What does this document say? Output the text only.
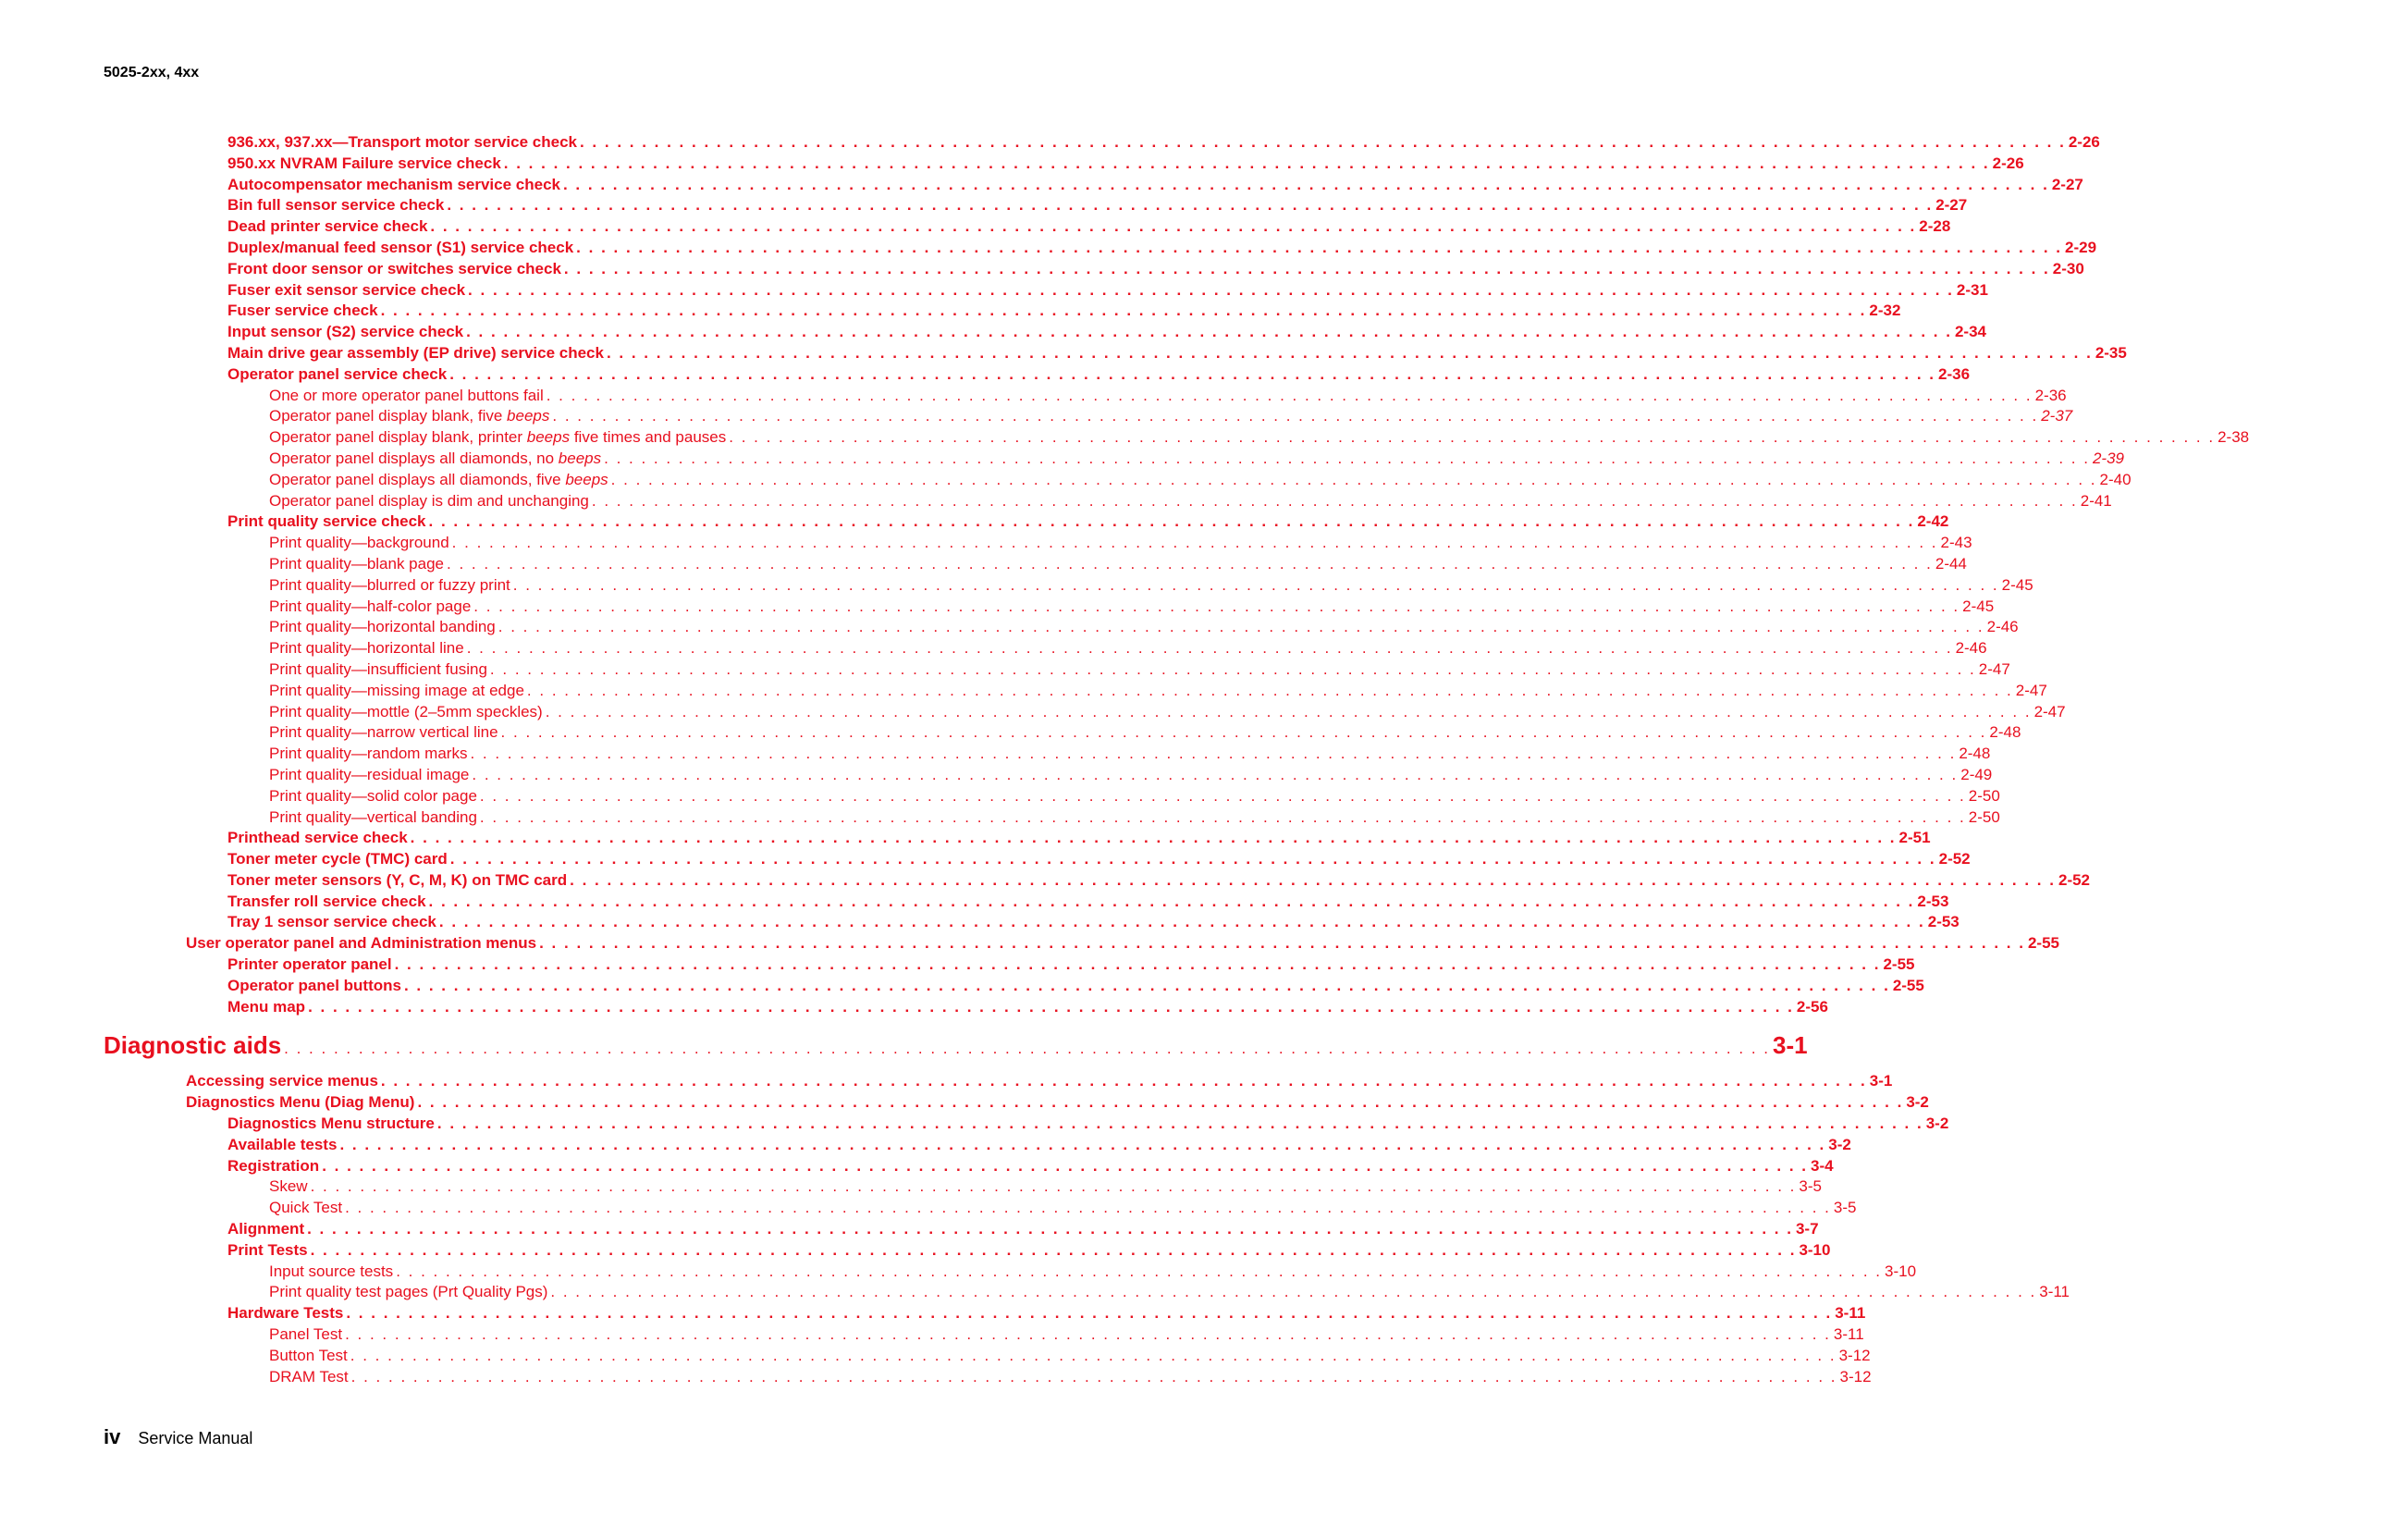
5025-2xx, 4xx
936.xx, 937.xx—Transport motor service check . . . . . . . . . . . . . . . . . . . . . . . . . . . . . . . . . . . . . . . . . . . . . . . . . . . . . . . . . . . . . . . . . . . . . . . . . . . . . . . . . . . . . . . . . . . . . . . . . . . . . . . . . . . . . . . . . . . . . . . . 2-26
950.xx NVRAM Failure service check . . . . . . . . . . . . . . . . . . . . . . . . . . . . . . . . . . . . . . . . . . . . . . . . . . . . . . . . . . . . . . . . . . . . . . . . . . . . . . . . . . . . . . . . . . . . . . . . . . . . . . . . . . . . . . . . . . . . . . . . 2-26
Autocompensator mechanism service check . . . . . . . . . . . . . . . . . . . . . . . . . . . . . . . . . . . . . . . . . . . . . . . . . . . . . . . . . . . . . . . . . . . . . . . . . . . . . . . . . . . . . . . . . . . . . . . . . . . . . . . . . . . . . . . . . . . . . . . . 2-27
Bin full sensor service check . . . . . . . . . . . . . . . . . . . . . . . . . . . . . . . . . . . . . . . . . . . . . . . . . . . . . . . . . . . . . . . . . . . . . . . . . . . . . . . . . . . . . . . . . . . . . . . . . . . . . . . . . . . . . . . . . . . . . . . . 2-27
Dead printer service check . . . . . . . . . . . . . . . . . . . . . . . . . . . . . . . . . . . . . . . . . . . . . . . . . . . . . . . . . . . . . . . . . . . . . . . . . . . . . . . . . . . . . . . . . . . . . . . . . . . . . . . . . . . . . . . . . . . . . . . . 2-28
Duplex/manual feed sensor (S1) service check . . . . . . . . . . . . . . . . . . . . . . . . . . . . . . . . . . . . . . . . . . . . . . . . . . . . . . . . . . . . . . . . . . . . . . . . . . . . . . . . . . . . . . . . . . . . . . . . . . . . . . . . . . . . . . . . . . . . . . . . 2-29
Front door sensor or switches service check . . . . . . . . . . . . . . . . . . . . . . . . . . . . . . . . . . . . . . . . . . . . . . . . . . . . . . . . . . . . . . . . . . . . . . . . . . . . . . . . . . . . . . . . . . . . . . . . . . . . . . . . . . . . . . . . . . . . . . . . 2-30
Fuser exit sensor service check . . . . . . . . . . . . . . . . . . . . . . . . . . . . . . . . . . . . . . . . . . . . . . . . . . . . . . . . . . . . . . . . . . . . . . . . . . . . . . . . . . . . . . . . . . . . . . . . . . . . . . . . . . . . . . . . . . . . . . . . 2-31
Fuser service check . . . . . . . . . . . . . . . . . . . . . . . . . . . . . . . . . . . . . . . . . . . . . . . . . . . . . . . . . . . . . . . . . . . . . . . . . . . . . . . . . . . . . . . . . . . . . . . . . . . . . . . . . . . . . . . . . . . . . . . . 2-32
Input sensor (S2) service check . . . . . . . . . . . . . . . . . . . . . . . . . . . . . . . . . . . . . . . . . . . . . . . . . . . . . . . . . . . . . . . . . . . . . . . . . . . . . . . . . . . . . . . . . . . . . . . . . . . . . . . . . . . . . . . . . . . . . . . . 2-34
Main drive gear assembly (EP drive) service check . . . . . . . . . . . . . . . . . . . . . . . . . . . . . . . . . . . . . . . . . . . . . . . . . . . . . . . . . . . . . . . . . . . . . . . . . . . . . . . . . . . . . . . . . . . . . . . . . . . . . . . . . . . . . . . . . . . . . . . . 2-35
Operator panel service check . . . . . . . . . . . . . . . . . . . . . . . . . . . . . . . . . . . . . . . . . . . . . . . . . . . . . . . . . . . . . . . . . . . . . . . . . . . . . . . . . . . . . . . . . . . . . . . . . . . . . . . . . . . . . . . . . . . . . . . . 2-36
One or more operator panel buttons fail . . . . . . . . . . . . . . . . . . . . . . . . . . . . . . . . . . . . . . . . . . . . . . . . . . . . . . . . . . . . . . . . . . . . . . . . . . . . . . . . . . . . . . . . . . . . . . . . . . . . . . . . . . . . . . . . . . . . . . . . 2-36
Operator panel display blank, five beeps . . . . . . . . . . . . . . . . . . . . . . . . . . . . . . . . . . . . . . . . . . . . . . . . . . . . . . . . . . . . . . . . . . . . . . . . . . . . . . . . . . . . . . . . . . . . . . . . . . . . . . . . . . . . . . . . . . . . . . . . 2-37
Operator panel display blank, printer beeps five times and pauses . . . . . . . . . . . . . . . . . . . . . . . . . . . . . . . . . . . . . . . . . . . . . . . . . . . . . . . . . . . . . . . . . . . . . . . . . . . . . . . . . . . . . . . . . . . . . . . . . . . . . . . . . . . . . . . . . . . . . . . . 2-38
Operator panel displays all diamonds, no beeps . . . . . . . . . . . . . . . . . . . . . . . . . . . . . . . . . . . . . . . . . . . . . . . . . . . . . . . . . . . . . . . . . . . . . . . . . . . . . . . . . . . . . . . . . . . . . . . . . . . . . . . . . . . . . . . . . . . . . . . . 2-39
Operator panel displays all diamonds, five beeps . . . . . . . . . . . . . . . . . . . . . . . . . . . . . . . . . . . . . . . . . . . . . . . . . . . . . . . . . . . . . . . . . . . . . . . . . . . . . . . . . . . . . . . . . . . . . . . . . . . . . . . . . . . . . . . . . . . . . . . . 2-40
Operator panel display is dim and unchanging . . . . . . . . . . . . . . . . . . . . . . . . . . . . . . . . . . . . . . . . . . . . . . . . . . . . . . . . . . . . . . . . . . . . . . . . . . . . . . . . . . . . . . . . . . . . . . . . . . . . . . . . . . . . . . . . . . . . . . . . 2-41
Print quality service check . . . . . . . . . . . . . . . . . . . . . . . . . . . . . . . . . . . . . . . . . . . . . . . . . . . . . . . . . . . . . . . . . . . . . . . . . . . . . . . . . . . . . . . . . . . . . . . . . . . . . . . . . . . . . . . . . . . . . . . . 2-42
Print quality—background . . . . . . . . . . . . . . . . . . . . . . . . . . . . . . . . . . . . . . . . . . . . . . . . . . . . . . . . . . . . . . . . . . . . . . . . . . . . . . . . . . . . . . . . . . . . . . . . . . . . . . . . . . . . . . . . . . . . . . . . 2-43
Print quality—blank page . . . . . . . . . . . . . . . . . . . . . . . . . . . . . . . . . . . . . . . . . . . . . . . . . . . . . . . . . . . . . . . . . . . . . . . . . . . . . . . . . . . . . . . . . . . . . . . . . . . . . . . . . . . . . . . . . . . . . . . . 2-44
Print quality—blurred or fuzzy print . . . . . . . . . . . . . . . . . . . . . . . . . . . . . . . . . . . . . . . . . . . . . . . . . . . . . . . . . . . . . . . . . . . . . . . . . . . . . . . . . . . . . . . . . . . . . . . . . . . . . . . . . . . . . . . . . . . . . . . . 2-45
Print quality—half-color page . . . . . . . . . . . . . . . . . . . . . . . . . . . . . . . . . . . . . . . . . . . . . . . . . . . . . . . . . . . . . . . . . . . . . . . . . . . . . . . . . . . . . . . . . . . . . . . . . . . . . . . . . . . . . . . . . . . . . . . . 2-45
Print quality—horizontal banding . . . . . . . . . . . . . . . . . . . . . . . . . . . . . . . . . . . . . . . . . . . . . . . . . . . . . . . . . . . . . . . . . . . . . . . . . . . . . . . . . . . . . . . . . . . . . . . . . . . . . . . . . . . . . . . . . . . . . . . . 2-46
Print quality—horizontal line . . . . . . . . . . . . . . . . . . . . . . . . . . . . . . . . . . . . . . . . . . . . . . . . . . . . . . . . . . . . . . . . . . . . . . . . . . . . . . . . . . . . . . . . . . . . . . . . . . . . . . . . . . . . . . . . . . . . . . . . 2-46
Print quality—insufficient fusing . . . . . . . . . . . . . . . . . . . . . . . . . . . . . . . . . . . . . . . . . . . . . . . . . . . . . . . . . . . . . . . . . . . . . . . . . . . . . . . . . . . . . . . . . . . . . . . . . . . . . . . . . . . . . . . . . . . . . . . . 2-47
Print quality—missing image at edge . . . . . . . . . . . . . . . . . . . . . . . . . . . . . . . . . . . . . . . . . . . . . . . . . . . . . . . . . . . . . . . . . . . . . . . . . . . . . . . . . . . . . . . . . . . . . . . . . . . . . . . . . . . . . . . . . . . . . . . . 2-47
Print quality—mottle (2–5mm speckles) . . . . . . . . . . . . . . . . . . . . . . . . . . . . . . . . . . . . . . . . . . . . . . . . . . . . . . . . . . . . . . . . . . . . . . . . . . . . . . . . . . . . . . . . . . . . . . . . . . . . . . . . . . . . . . . . . . . . . . . . 2-47
Print quality—narrow vertical line . . . . . . . . . . . . . . . . . . . . . . . . . . . . . . . . . . . . . . . . . . . . . . . . . . . . . . . . . . . . . . . . . . . . . . . . . . . . . . . . . . . . . . . . . . . . . . . . . . . . . . . . . . . . . . . . . . . . . . . . 2-48
Print quality—random marks . . . . . . . . . . . . . . . . . . . . . . . . . . . . . . . . . . . . . . . . . . . . . . . . . . . . . . . . . . . . . . . . . . . . . . . . . . . . . . . . . . . . . . . . . . . . . . . . . . . . . . . . . . . . . . . . . . . . . . . . 2-48
Print quality—residual image . . . . . . . . . . . . . . . . . . . . . . . . . . . . . . . . . . . . . . . . . . . . . . . . . . . . . . . . . . . . . . . . . . . . . . . . . . . . . . . . . . . . . . . . . . . . . . . . . . . . . . . . . . . . . . . . . . . . . . . . 2-49
Print quality—solid color page . . . . . . . . . . . . . . . . . . . . . . . . . . . . . . . . . . . . . . . . . . . . . . . . . . . . . . . . . . . . . . . . . . . . . . . . . . . . . . . . . . . . . . . . . . . . . . . . . . . . . . . . . . . . . . . . . . . . . . . . 2-50
Print quality—vertical banding . . . . . . . . . . . . . . . . . . . . . . . . . . . . . . . . . . . . . . . . . . . . . . . . . . . . . . . . . . . . . . . . . . . . . . . . . . . . . . . . . . . . . . . . . . . . . . . . . . . . . . . . . . . . . . . . . . . . . . . . 2-50
Printhead service check . . . . . . . . . . . . . . . . . . . . . . . . . . . . . . . . . . . . . . . . . . . . . . . . . . . . . . . . . . . . . . . . . . . . . . . . . . . . . . . . . . . . . . . . . . . . . . . . . . . . . . . . . . . . . . . . . . . . . . . . 2-51
Toner meter cycle (TMC) card . . . . . . . . . . . . . . . . . . . . . . . . . . . . . . . . . . . . . . . . . . . . . . . . . . . . . . . . . . . . . . . . . . . . . . . . . . . . . . . . . . . . . . . . . . . . . . . . . . . . . . . . . . . . . . . . . . . . . . . . 2-52
Toner meter sensors (Y, C, M, K) on TMC card . . . . . . . . . . . . . . . . . . . . . . . . . . . . . . . . . . . . . . . . . . . . . . . . . . . . . . . . . . . . . . . . . . . . . . . . . . . . . . . . . . . . . . . . . . . . . . . . . . . . . . . . . . . . . . . . . . . . . . . . 2-52
Transfer roll service check . . . . . . . . . . . . . . . . . . . . . . . . . . . . . . . . . . . . . . . . . . . . . . . . . . . . . . . . . . . . . . . . . . . . . . . . . . . . . . . . . . . . . . . . . . . . . . . . . . . . . . . . . . . . . . . . . . . . . . . . 2-53
Tray 1 sensor service check . . . . . . . . . . . . . . . . . . . . . . . . . . . . . . . . . . . . . . . . . . . . . . . . . . . . . . . . . . . . . . . . . . . . . . . . . . . . . . . . . . . . . . . . . . . . . . . . . . . . . . . . . . . . . . . . . . . . . . . . 2-53
User operator panel and Administration menus . . . . . . . . . . . . . . . . . . . . . . . . . . . . . . . . . . . . . . . . . . . . . . . . . . . . . . . . . . . . . . . . . . . . . . . . . . . . . . . . . . . . . . . . . . . . . . . . . . . . . . . . . . . . . . . . . . . . . . . . 2-55
Printer operator panel . . . . . . . . . . . . . . . . . . . . . . . . . . . . . . . . . . . . . . . . . . . . . . . . . . . . . . . . . . . . . . . . . . . . . . . . . . . . . . . . . . . . . . . . . . . . . . . . . . . . . . . . . . . . . . . . . . . . . . . . 2-55
Operator panel buttons . . . . . . . . . . . . . . . . . . . . . . . . . . . . . . . . . . . . . . . . . . . . . . . . . . . . . . . . . . . . . . . . . . . . . . . . . . . . . . . . . . . . . . . . . . . . . . . . . . . . . . . . . . . . . . . . . . . . . . . . 2-55
Menu map . . . . . . . . . . . . . . . . . . . . . . . . . . . . . . . . . . . . . . . . . . . . . . . . . . . . . . . . . . . . . . . . . . . . . . . . . . . . . . . . . . . . . . . . . . . . . . . . . . . . . . . . . . . . . . . . . . . . . . . . 2-56
Diagnostic aids . . . . . . . . . . . . . . . . . . . . . . . . . . . . . . . . . . . . . . . . . . . . . . . . . . . . . . . . . . . . . . . . . . . . . . . . . . . . . . . . . . . . . . . . . . . . . . . . . . . . . . . . . . . . . . . . . . . . . . . . 3-1
Accessing service menus . . . . . . . . . . . . . . . . . . . . . . . . . . . . . . . . . . . . . . . . . . . . . . . . . . . . . . . . . . . . . . . . . . . . . . . . . . . . . . . . . . . . . . . . . . . . . . . . . . . . . . . . . . . . . . . . . . . . . . . . 3-1
Diagnostics Menu (Diag Menu) . . . . . . . . . . . . . . . . . . . . . . . . . . . . . . . . . . . . . . . . . . . . . . . . . . . . . . . . . . . . . . . . . . . . . . . . . . . . . . . . . . . . . . . . . . . . . . . . . . . . . . . . . . . . . . . . . . . . . . . . 3-2
Diagnostics Menu structure . . . . . . . . . . . . . . . . . . . . . . . . . . . . . . . . . . . . . . . . . . . . . . . . . . . . . . . . . . . . . . . . . . . . . . . . . . . . . . . . . . . . . . . . . . . . . . . . . . . . . . . . . . . . . . . . . . . . . . . . 3-2
Available tests . . . . . . . . . . . . . . . . . . . . . . . . . . . . . . . . . . . . . . . . . . . . . . . . . . . . . . . . . . . . . . . . . . . . . . . . . . . . . . . . . . . . . . . . . . . . . . . . . . . . . . . . . . . . . . . . . . . . . . . . 3-2
Registration . . . . . . . . . . . . . . . . . . . . . . . . . . . . . . . . . . . . . . . . . . . . . . . . . . . . . . . . . . . . . . . . . . . . . . . . . . . . . . . . . . . . . . . . . . . . . . . . . . . . . . . . . . . . . . . . . . . . . . . . 3-4
Skew . . . . . . . . . . . . . . . . . . . . . . . . . . . . . . . . . . . . . . . . . . . . . . . . . . . . . . . . . . . . . . . . . . . . . . . . . . . . . . . . . . . . . . . . . . . . . . . . . . . . . . . . . . . . . . . . . . . . . . . . 3-5
Quick Test . . . . . . . . . . . . . . . . . . . . . . . . . . . . . . . . . . . . . . . . . . . . . . . . . . . . . . . . . . . . . . . . . . . . . . . . . . . . . . . . . . . . . . . . . . . . . . . . . . . . . . . . . . . . . . . . . . . . . . . . 3-5
Alignment . . . . . . . . . . . . . . . . . . . . . . . . . . . . . . . . . . . . . . . . . . . . . . . . . . . . . . . . . . . . . . . . . . . . . . . . . . . . . . . . . . . . . . . . . . . . . . . . . . . . . . . . . . . . . . . . . . . . . . . . 3-7
Print Tests . . . . . . . . . . . . . . . . . . . . . . . . . . . . . . . . . . . . . . . . . . . . . . . . . . . . . . . . . . . . . . . . . . . . . . . . . . . . . . . . . . . . . . . . . . . . . . . . . . . . . . . . . . . . . . . . . . . . . . . . 3-10
Input source tests . . . . . . . . . . . . . . . . . . . . . . . . . . . . . . . . . . . . . . . . . . . . . . . . . . . . . . . . . . . . . . . . . . . . . . . . . . . . . . . . . . . . . . . . . . . . . . . . . . . . . . . . . . . . . . . . . . . . . . . . 3-10
Print quality test pages (Prt Quality Pgs) . . . . . . . . . . . . . . . . . . . . . . . . . . . . . . . . . . . . . . . . . . . . . . . . . . . . . . . . . . . . . . . . . . . . . . . . . . . . . . . . . . . . . . . . . . . . . . . . . . . . . . . . . . . . . . . . . . . . . . . . 3-11
Hardware Tests . . . . . . . . . . . . . . . . . . . . . . . . . . . . . . . . . . . . . . . . . . . . . . . . . . . . . . . . . . . . . . . . . . . . . . . . . . . . . . . . . . . . . . . . . . . . . . . . . . . . . . . . . . . . . . . . . . . . . . . . 3-11
Panel Test . . . . . . . . . . . . . . . . . . . . . . . . . . . . . . . . . . . . . . . . . . . . . . . . . . . . . . . . . . . . . . . . . . . . . . . . . . . . . . . . . . . . . . . . . . . . . . . . . . . . . . . . . . . . . . . . . . . . . . . . 3-11
Button Test . . . . . . . . . . . . . . . . . . . . . . . . . . . . . . . . . . . . . . . . . . . . . . . . . . . . . . . . . . . . . . . . . . . . . . . . . . . . . . . . . . . . . . . . . . . . . . . . . . . . . . . . . . . . . . . . . . . . . . . . 3-12
DRAM Test . . . . . . . . . . . . . . . . . . . . . . . . . . . . . . . . . . . . . . . . . . . . . . . . . . . . . . . . . . . . . . . . . . . . . . . . . . . . . . . . . . . . . . . . . . . . . . . . . . . . . . . . . . . . . . . . . . . . . . . . 3-12
iv Service Manual
